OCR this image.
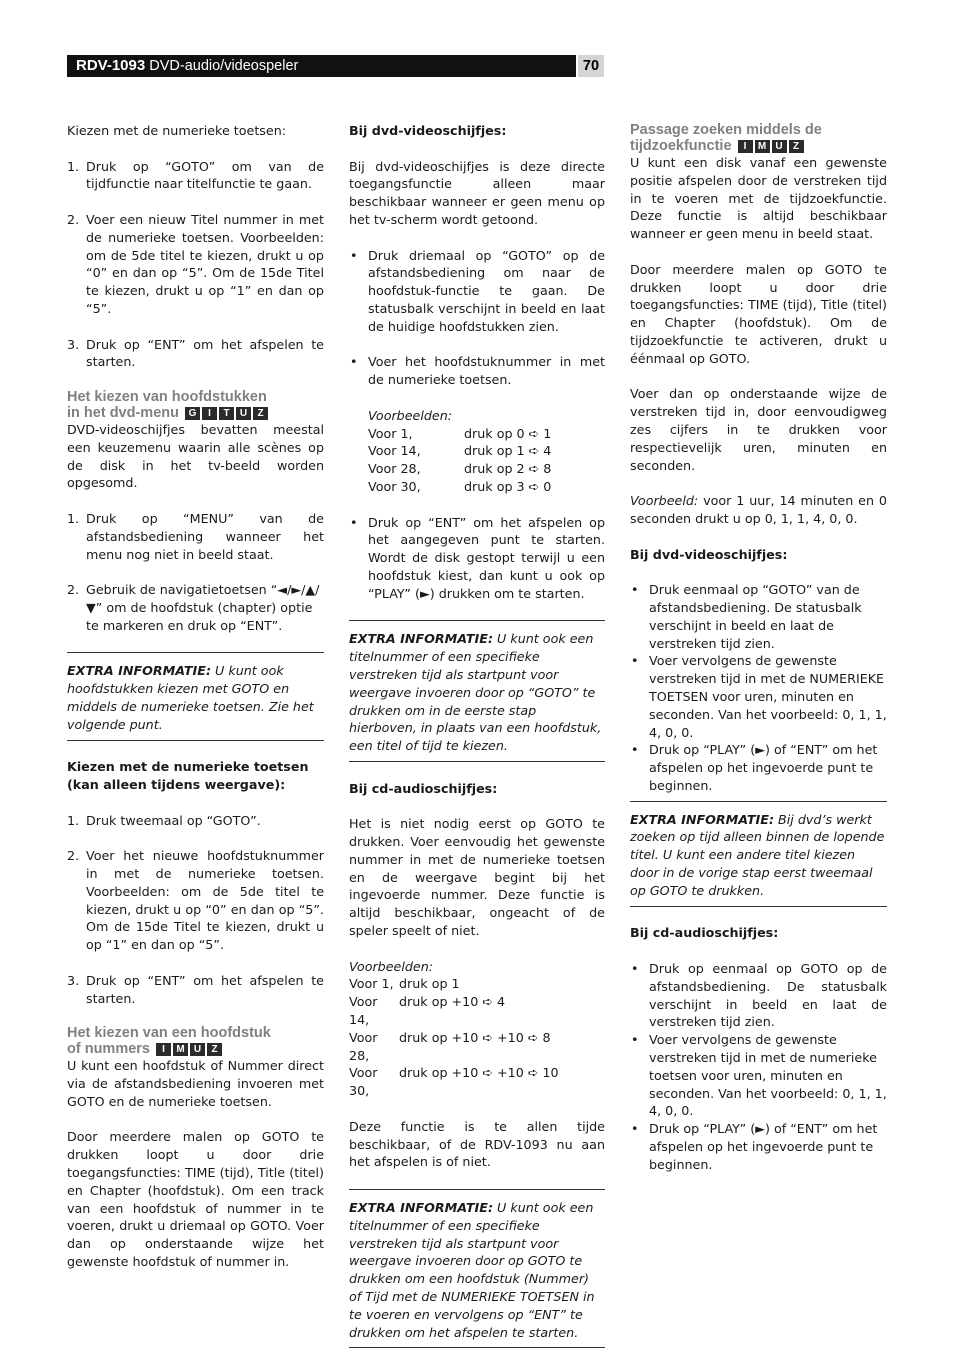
RDV-1093 DVD-audio/videospeler	70

Kiezen met de numerieke toetsen:

1. Druk op “GOTO” om van de tijdfunctie naar titelfunctie te gaan.
2. Voer een nieuw Titel nummer in met de numerieke toetsen. Voorbeelden: om de 5de titel te kiezen, drukt u op “0” en dan op “5”. Om de 15de Titel te kiezen, drukt u op “1” en dan op “5”.
3. Druk op “ENT” om het afspelen te starten.
Het kiezen van hoofdstukken
in het dvd-menu G I T U Z

DVD-videoschijfjes bevatten meestal een keuzemenu waarin alle scènes op de disk in het tv-beeld worden opgesomd.

1. Druk op “MENU” van de afstandsbediening wanneer het menu nog niet in beeld staat.
2. Gebruik de navigatietoetsen “◄/►/▲/▼” om de hoofdstuk (chapter) optie te markeren en druk op “ENT”.
EXTRA INFORMATIE: U kunt ook hoofdstukken kiezen met GOTO en middels de numerieke toetsen. Zie het volgende punt.

Kiezen met de numerieke toetsen (kan alleen tijdens weergave):

1. Druk tweemaal op “GOTO”.
2. Voer het nieuwe hoofdstuknummer in met de numerieke toetsen. Voorbeelden: om de 5de titel te kiezen, drukt u op “0” en dan op “5”. Om de 15de Titel te kiezen, drukt u op “1” en dan op “5”.
3. Druk op “ENT” om het afspelen te starten.
Het kiezen van een hoofdstuk
of nummers I M U Z

U kunt een hoofdstuk of Nummer direct via de afstandsbediening invoeren met GOTO en de numerieke toetsen.

Door meerdere malen op GOTO te drukken loopt u door drie toegangsfuncties: TIME (tijd), Title (titel) en Chapter (hoofdstuk). Om een track van een hoofdstuk of nummer in te voeren, drukt u driemaal op GOTO. Voer dan op onderstaande wijze het gewenste hoofdstuk of nummer in.

Bij dvd-videoschijfjes:

Bij dvd-videoschijfjes is deze directe toegangsfunctie alleen maar beschikbaar wanneer er geen menu op het tv-scherm wordt getoond.

• Druk driemaal op “GOTO” op de afstandsbediening om naar de hoofdstuk-functie te gaan. De statusbalk verschijnt in beeld en laat de huidige hoofdstukken zien.
• Voer het hoofdstuknummer in met de numerieke toetsen.

Voorbeelden:

Voor 1,	druk op 0 ➪ 1
Voor 14,	druk op 1 ➪ 4
Voor 28,	druk op 2 ➪ 8
Voor 30,	druk op 3 ➪ 0
• Druk op “ENT” om het afspelen op het aangegeven punt te starten. Wordt de disk gestopt terwijl u een hoofdstuk kiest, dan kunt u ook op “PLAY” (►) drukken om te starten.
EXTRA INFORMATIE: U kunt ook een titelnummer of een specifieke verstreken tijd als startpunt voor weergave invoeren door op “GOTO” te drukken om in de eerste stap hierboven, in plaats van een hoofdstuk, een titel of tijd te kiezen.

Bij cd-audioschijfjes:

Het is niet nodig eerst op GOTO te drukken. Voer eenvoudig het gewenste nummer in met de numerieke toetsen en de weergave begint bij het ingevoerde nummer. Deze functie is altijd beschikbaar, ongeacht of de speler speelt of niet.

Voorbeelden:

Voor 1, druk op 1
Voor 14,
druk op +10 ➪ 4
Voor 28,
druk op +10 ➪ +10 ➪ 8
Voor 30,
druk op +10 ➪ +10 ➪ 10

Deze functie is te allen tijde beschikbaar, of de RDV-1093 nu aan het afspelen is of niet.

EXTRA INFORMATIE: U kunt ook een titelnummer of een specifieke verstreken tijd als startpunt voor weergave invoeren door op GOTO te drukken om een hoofdstuk (Nummer) of Tijd met de NUMERIEKE TOETSEN in te voeren en vervolgens op “ENT” te drukken om het afspelen te starten.
Passage zoeken middels de
tijdzoekfunctie I M U Z

U kunt een disk vanaf een gewenste positie afspelen door de verstreken tijd in te voeren met de tijdzoekfunctie. Deze functie is altijd beschikbaar wanneer er geen menu in beeld staat.

Door meerdere malen op GOTO te drukken loopt u door drie toegangsfuncties: TIME (tijd), Title (titel) en Chapter (hoofdstuk). Om de tijdzoekfunctie te activeren, drukt u éénmaal op GOTO.

Voer dan op onderstaande wijze de verstreken tijd in, door eenvoudigweg zes cijfers in te drukken voor respectievelijk uren, minuten en seconden.

Voorbeeld: voor 1 uur, 14 minuten en 0 seconden drukt u op 0, 1, 1, 4, 0, 0.

Bij dvd-videoschijfjes:

• Druk eenmaal op “GOTO” van de afstandsbediening. De statusbalk verschijnt in beeld en laat de verstreken tijd zien.
• Voer vervolgens de gewenste verstreken tijd in met de NUMERIEKE TOETSEN voor uren, minuten en seconden. Van het voorbeeld: 0, 1, 1, 4, 0, 0.
• Druk op “PLAY” (►) of “ENT” om het afspelen op het ingevoerde punt te beginnen.
EXTRA INFORMATIE: Bij dvd’s werkt zoeken op tijd alleen binnen de lopende titel. U kunt een andere titel kiezen door in de vorige stap eerst tweemaal op GOTO te drukken.

Bij cd-audioschijfjes:

• Druk op eenmaal op GOTO op de afstandsbediening. De statusbalk verschijnt in beeld en laat de verstreken tijd zien.
• Voer vervolgens de gewenste verstreken tijd in met de numerieke toetsen voor uren, minuten en seconden. Van het voorbeeld: 0, 1, 1, 4, 0, 0.
• Druk op “PLAY” (►) of “ENT” om het afspelen op het ingevoerde punt te beginnen.
